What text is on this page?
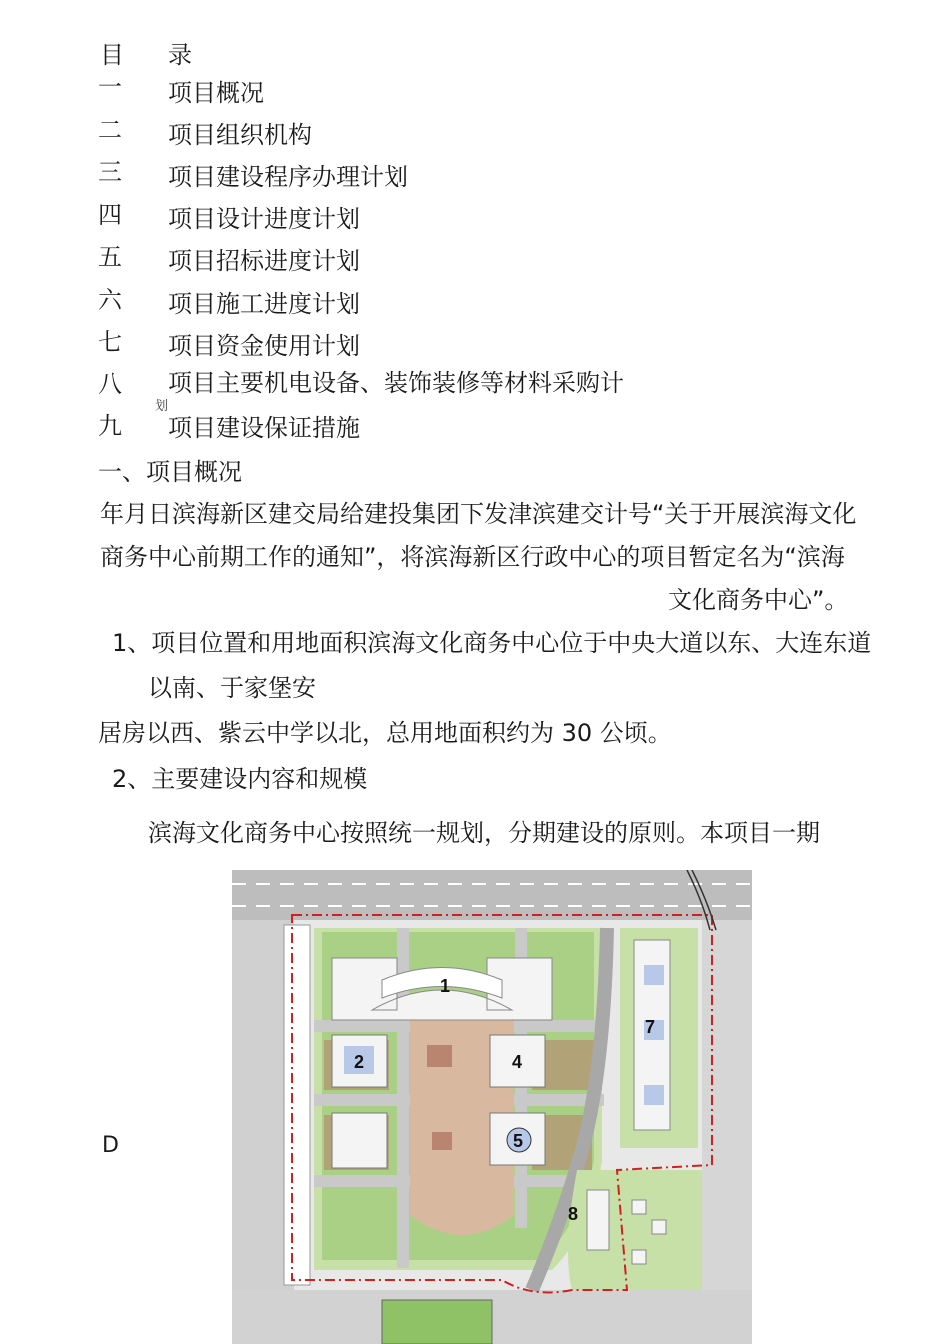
目 录
一 项目概况
二 项目组织机构
三 项目建设程序办理计划
四 项目设计进度计划
五 项目招标进度计划
六 项目施工进度计划
七 项目资金使用计划
八 项目主要机电设备、装饰装修等材料采购计
划
九 项目建设保证措施
一、项目概况
年月日滨海新区建交局给建投集团下发津滨建交计号“关于开展滨海文化
商务中心前期工作的通知”，将滨海新区行政中心的项目暂定名为“滨海
文化商务中心”。
1、项目位置和用地面积滨海文化商务中心位于中央大道以东、大连东道
以南、于家堡安
居房以西、紫云中学以北，总用地面积约为 30 公顷。
2、主要建设内容和规模
滨海文化商务中心按照统一规划，分期建设的原则。本项目一期
D
1
2	4
5
7
8
